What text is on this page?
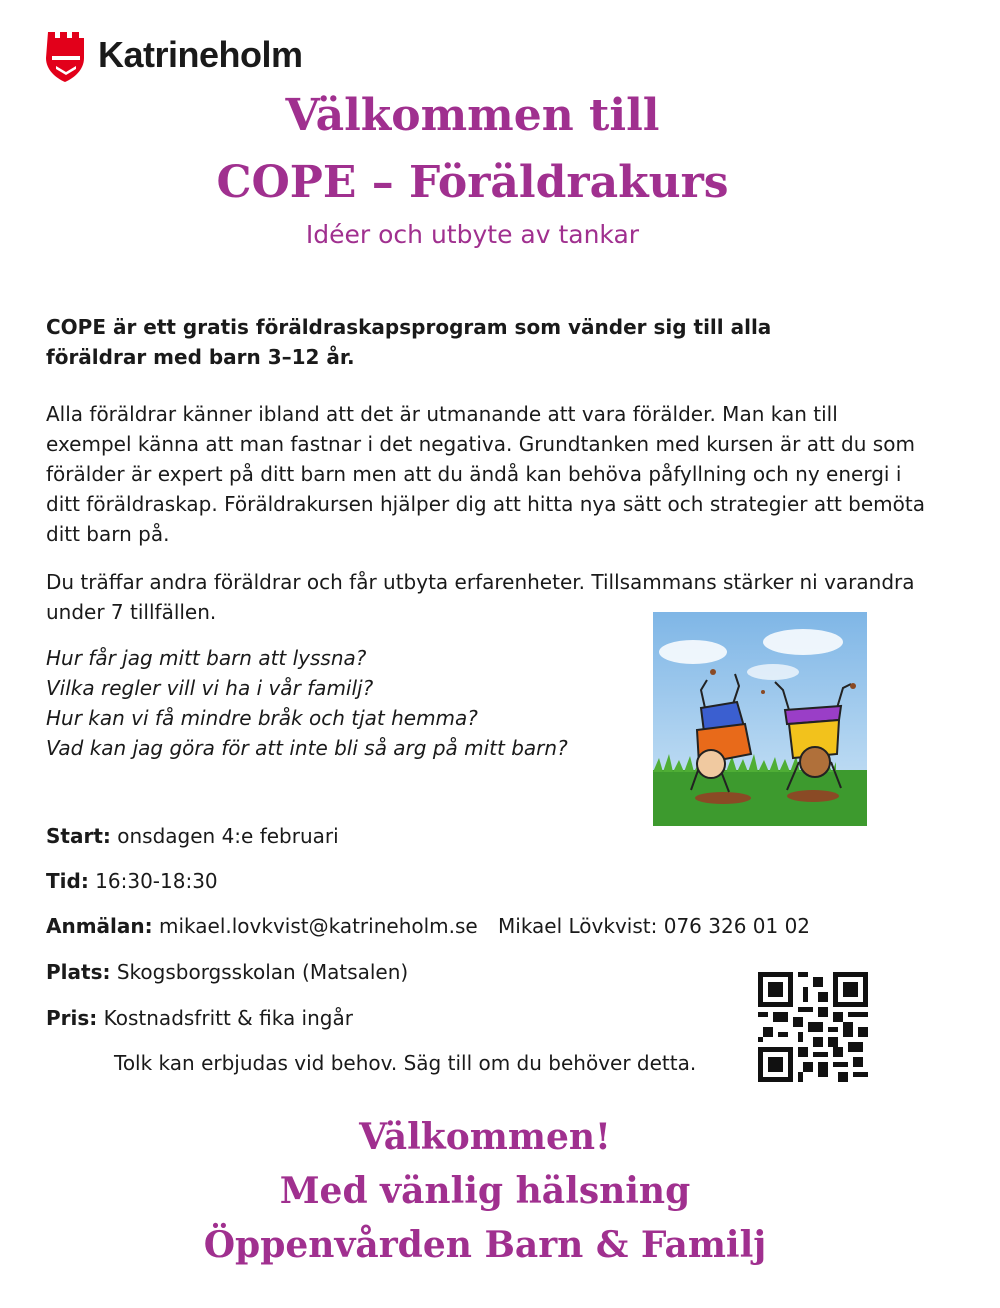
Katrineholm
Välkommen till
COPE – Föräldrakurs
Idéer och utbyte av tankar
COPE är ett gratis föräldraskapsprogram som vänder sig till alla föräldrar med barn 3–12 år.
Alla föräldrar känner ibland att det är utmanande att vara förälder. Man kan till exempel känna att man fastnar i det negativa. Grundtanken med kursen är att du som förälder är expert på ditt barn men att du ändå kan behöva påfyllning och ny energi i ditt föräldraskap. Föräldrakursen hjälper dig att hitta nya sätt och strategier att bemöta ditt barn på.
Du träffar andra föräldrar och får utbyta erfarenheter. Tillsammans stärker ni varandra under 7 tillfällen.
Hur får jag mitt barn att lyssna?
Vilka regler vill vi ha i vår familj?
Hur kan vi få mindre bråk och tjat hemma?
Vad kan jag göra för att inte bli så arg på mitt barn?
Start: onsdagen 4:e februari
Tid: 16:30-18:30
Anmälan: mikael.lovkvist@katrineholm.se	Mikael Lövkvist: 076 326 01 02
Plats: Skogsborgsskolan (Matsalen)
Pris: Kostnadsfritt & fika ingår
Tolk kan erbjudas vid behov. Säg till om du behöver detta.
Välkommen!
Med vänlig hälsning
Öppenvården Barn & Familj
